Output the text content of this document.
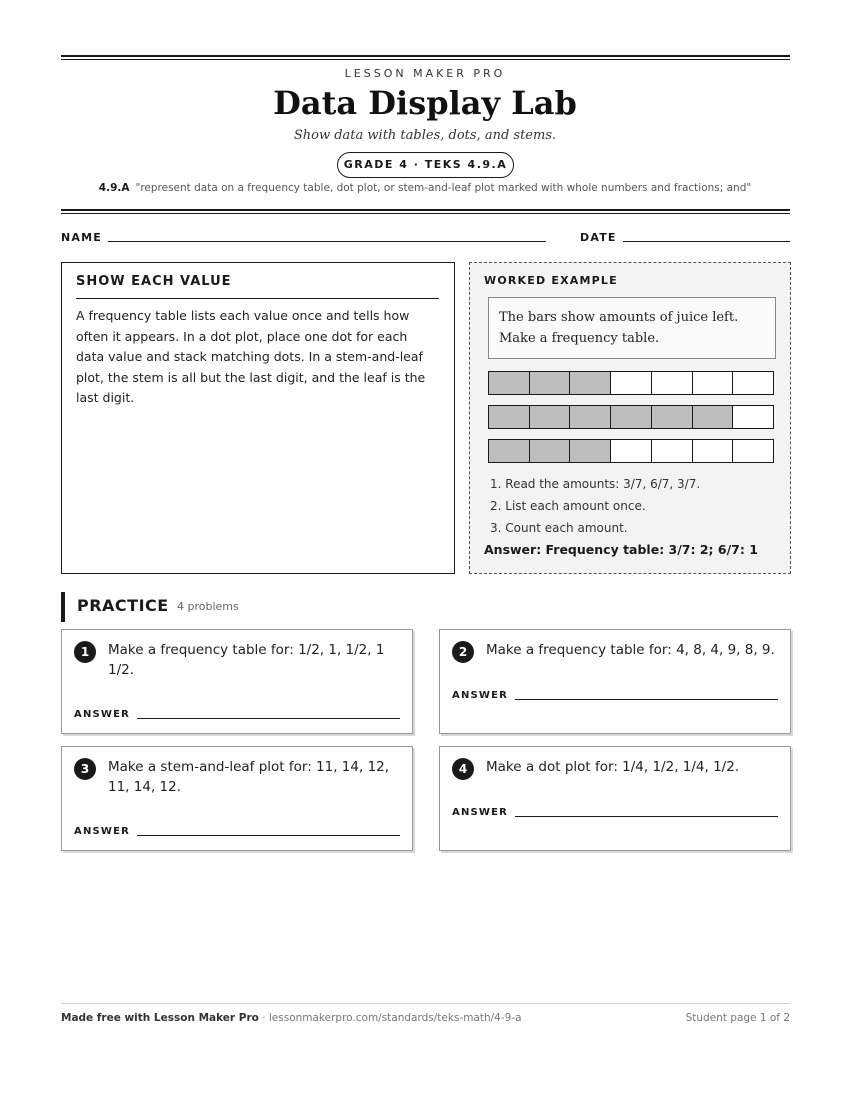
LESSON MAKER PRO
Data Display Lab
Show data with tables, dots, and stems.
GRADE 4 · TEKS 4.9.A
4.9.A "represent data on a frequency table, dot plot, or stem-and-leaf plot marked with whole numbers and fractions; and"
NAME	DATE
SHOW EACH VALUE

A frequency table lists each value once and tells how often it appears. In a dot plot, place one dot for each data value and stack matching dots. In a stem-and-leaf plot, the stem is all but the last digit, and the leaf is the last digit.

WORKED EXAMPLE
The bars show amounts of juice left.
Make a frequency table.
1. Read the amounts: 3/7, 6/7, 3/7.
2. List each amount once.
3. Count each amount.
Answer: Frequency table: 3/7: 2; 6/7: 1
PRACTICE 4 problems
1	Make a frequency table for: 1/2, 1, 1/2, 1 1/2.
ANSWER
2	Make a frequency table for: 4, 8, 4, 9, 8, 9.
ANSWER
3	Make a stem-and-leaf plot for: 11, 14, 12, 11, 14, 12.
ANSWER
4	Make a dot plot for: 1/4, 1/2, 1/4, 1/2.
ANSWER
Made free with Lesson Maker Pro · lessonmakerpro.com/standards/teks-math/4-9-a	Student page 1 of 2
